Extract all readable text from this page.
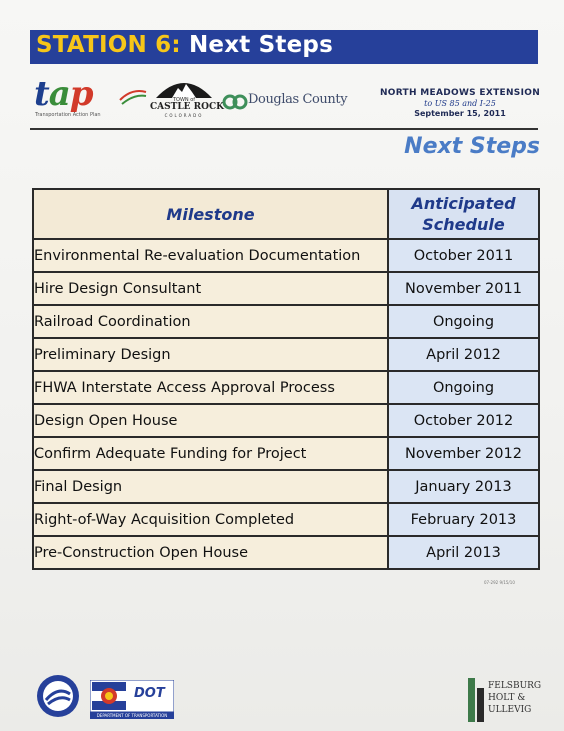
STATION 6: Next Steps
tap
Transportation Action Plan
TOWN of
CASTLE ROCK
COLORADO
Douglas County	NORTH MEADOWS EXTENSION
to US 85 and I-25
September 15, 2011
Next Steps
Milestone	Anticipated
Schedule
Environmental Re-evaluation Documentation	October 2011
Hire Design Consultant	November 2011
Railroad Coordination	Ongoing
Preliminary Design	April 2012
FHWA Interstate Access Approval Process	Ongoing
Design Open House	October 2012
Confirm Adequate Funding for Project	November 2012
Final Design	January 2013
Right-of-Way Acquisition Completed	February 2013
Pre-Construction Open House	April 2013
07-292 9/15/10
DOT
DEPARTMENT OF TRANSPORTATION
FELSBURG
HOLT &
ULLEVIG
